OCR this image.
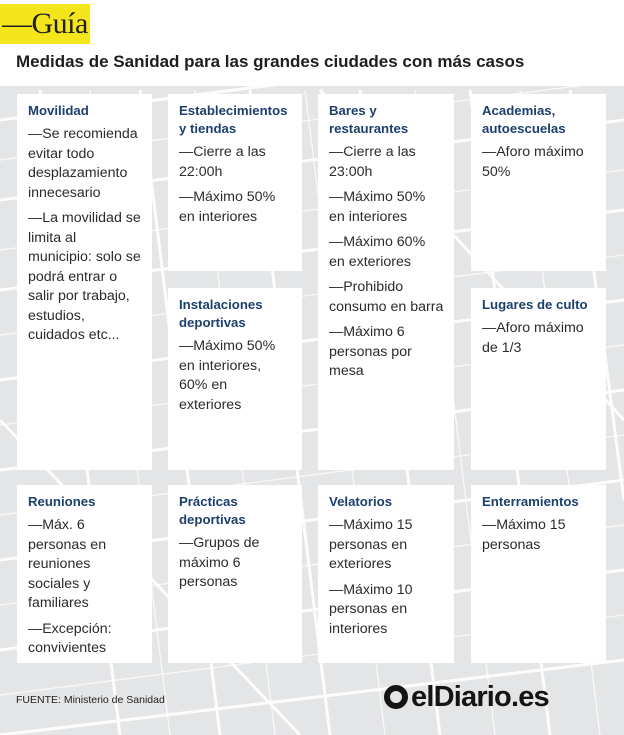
—Guía
Medidas de Sanidad para las grandes ciudades con más casos
Movilidad
—Se recomienda evitar todo desplazamiento innecesario
—La movilidad se limita al municipio: solo se podrá entrar o salir por trabajo, estudios, cuidados etc...
Establecimientos y tiendas
—Cierre a las 22:00h
—Máximo 50% en interiores
Bares y restaurantes
—Cierre a las 23:00h
—Máximo 50% en interiores
—Máximo 60% en exteriores
—Prohibido consumo en barra
—Máximo 6 personas por mesa
Academias, autoescuelas
—Aforo máximo 50%
Instalaciones deportivas
—Máximo 50% en interiores, 60% en exteriores
Lugares de culto
—Aforo máximo de 1/3
Reuniones
—Máx. 6 personas en reuniones sociales y familiares
—Excepción: convivientes
Prácticas deportivas
—Grupos de máximo 6 personas
Velatorios
—Máximo 15 personas en exteriores
—Máximo 10 personas en interiores
Enterramientos
—Máximo 15 personas
FUENTE: Ministerio de Sanidad	elDiario.es
